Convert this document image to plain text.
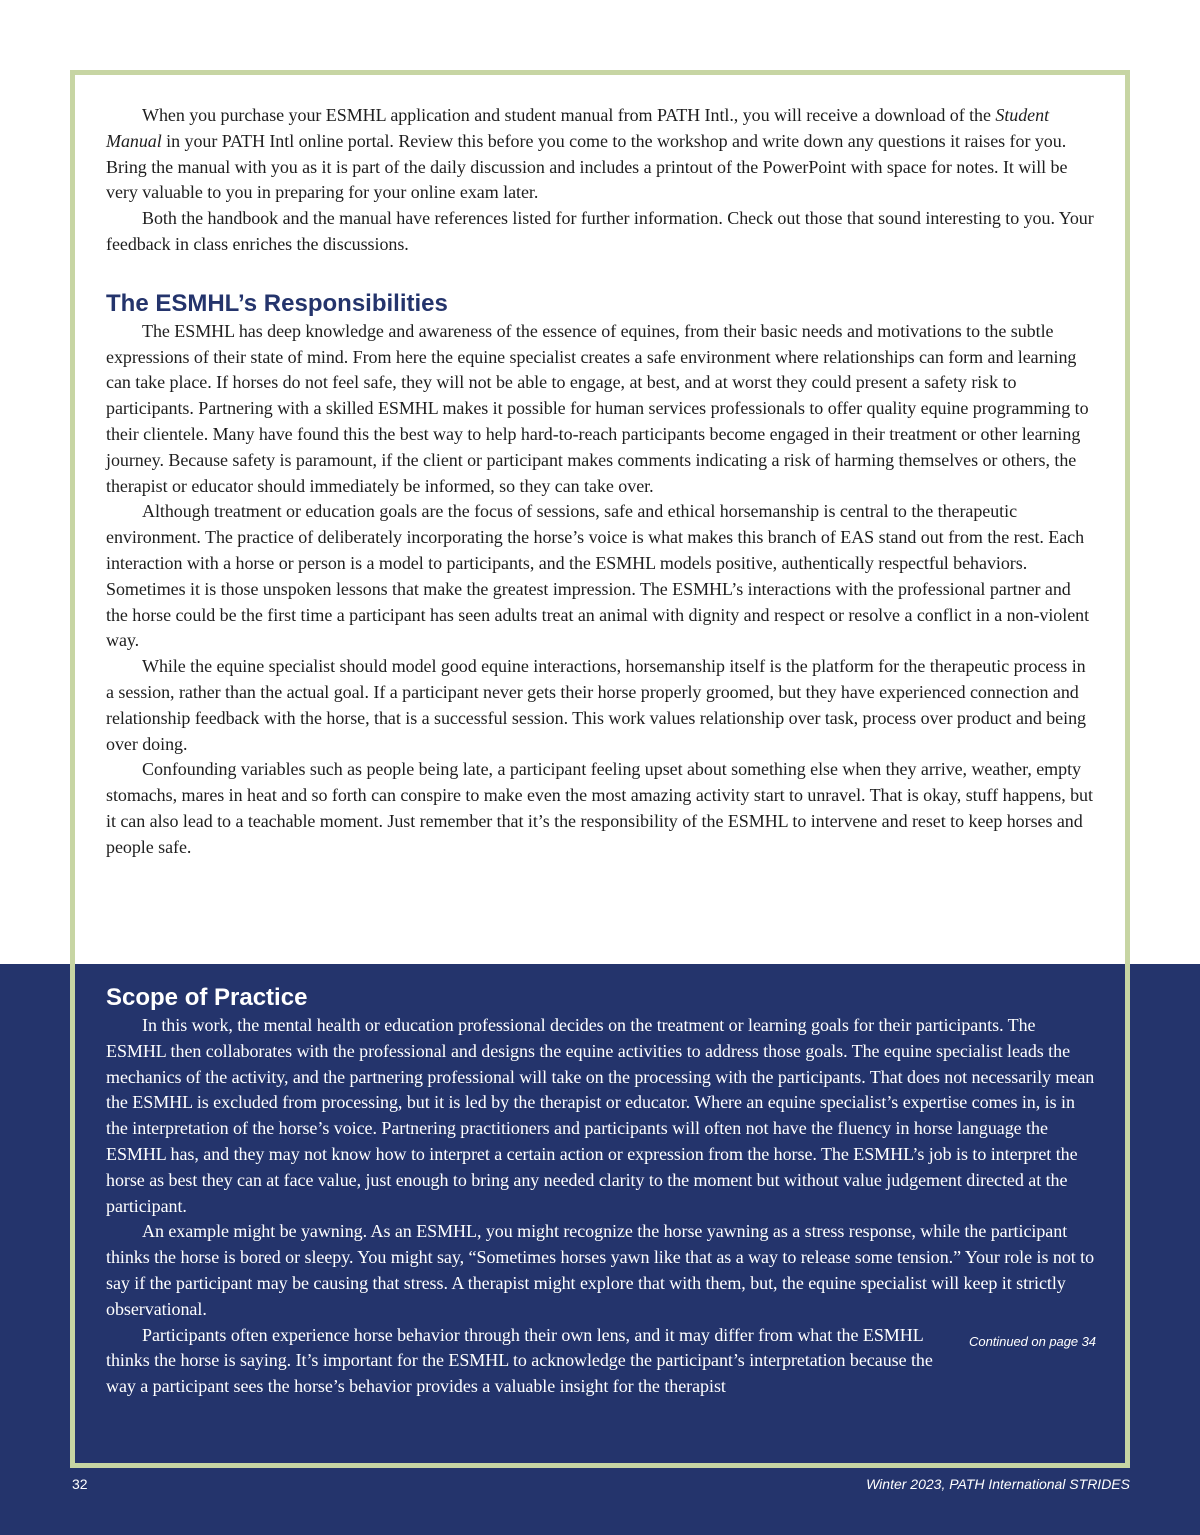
When you purchase your ESMHL application and student manual from PATH Intl., you will receive a download of the Student Manual in your PATH Intl online portal. Review this before you come to the workshop and write down any questions it raises for you. Bring the manual with you as it is part of the daily discussion and includes a printout of the PowerPoint with space for notes. It will be very valuable to you in preparing for your online exam later.

Both the handbook and the manual have references listed for further information. Check out those that sound interesting to you. Your feedback in class enriches the discussions.

The ESMHL’s Responsibilities

The ESMHL has deep knowledge and awareness of the essence of equines, from their basic needs and motivations to the subtle expressions of their state of mind. From here the equine specialist creates a safe environment where relationships can form and learning can take place. If horses do not feel safe, they will not be able to engage, at best, and at worst they could present a safety risk to participants. Partnering with a skilled ESMHL makes it possible for human services professionals to offer quality equine programming to their clientele. Many have found this the best way to help hard-to-reach participants become engaged in their treatment or other learning journey. Because safety is paramount, if the client or participant makes comments indicating a risk of harming themselves or others, the therapist or educator should immediately be informed, so they can take over.

Although treatment or education goals are the focus of sessions, safe and ethical horsemanship is central to the therapeutic environment. The practice of deliberately incorporating the horse’s voice is what makes this branch of EAS stand out from the rest. Each interaction with a horse or person is a model to participants, and the ESMHL models positive, authentically respectful behaviors. Sometimes it is those unspoken lessons that make the greatest impression. The ESMHL’s interactions with the professional partner and the horse could be the first time a participant has seen adults treat an animal with dignity and respect or resolve a conflict in a non-violent way.

While the equine specialist should model good equine interactions, horsemanship itself is the platform for the therapeutic process in a session, rather than the actual goal. If a participant never gets their horse properly groomed, but they have experienced connection and relationship feedback with the horse, that is a successful session. This work values relationship over task, process over product and being over doing.

Confounding variables such as people being late, a participant feeling upset about something else when they arrive, weather, empty stomachs, mares in heat and so forth can conspire to make even the most amazing activity start to unravel. That is okay, stuff happens, but it can also lead to a teachable moment. Just remember that it’s the responsibility of the ESMHL to intervene and reset to keep horses and people safe.

Scope of Practice

In this work, the mental health or education professional decides on the treatment or learning goals for their participants. The ESMHL then collaborates with the professional and designs the equine activities to address those goals. The equine specialist leads the mechanics of the activity, and the partnering professional will take on the processing with the participants. That does not necessarily mean the ESMHL is excluded from processing, but it is led by the therapist or educator. Where an equine specialist’s expertise comes in, is in the interpretation of the horse’s voice. Partnering practitioners and participants will often not have the fluency in horse language the ESMHL has, and they may not know how to interpret a certain action or expression from the horse. The ESMHL’s job is to interpret the horse as best they can at face value, just enough to bring any needed clarity to the moment but without value judgement directed at the participant.

An example might be yawning. As an ESMHL, you might recognize the horse yawning as a stress response, while the participant thinks the horse is bored or sleepy. You might say, “Sometimes horses yawn like that as a way to release some tension.” Your role is not to say if the participant may be causing that stress. A therapist might explore that with them, but, the equine specialist will keep it strictly observational.

Continued on page 34
Participants often experience horse behavior through their own lens, and it may differ from what the ESMHL thinks the horse is saying. It’s important for the ESMHL to acknowledge the participant’s interpretation because the way a participant sees the horse’s behavior provides a valuable insight for the therapist

32	Winter 2023, PATH International STRIDES
